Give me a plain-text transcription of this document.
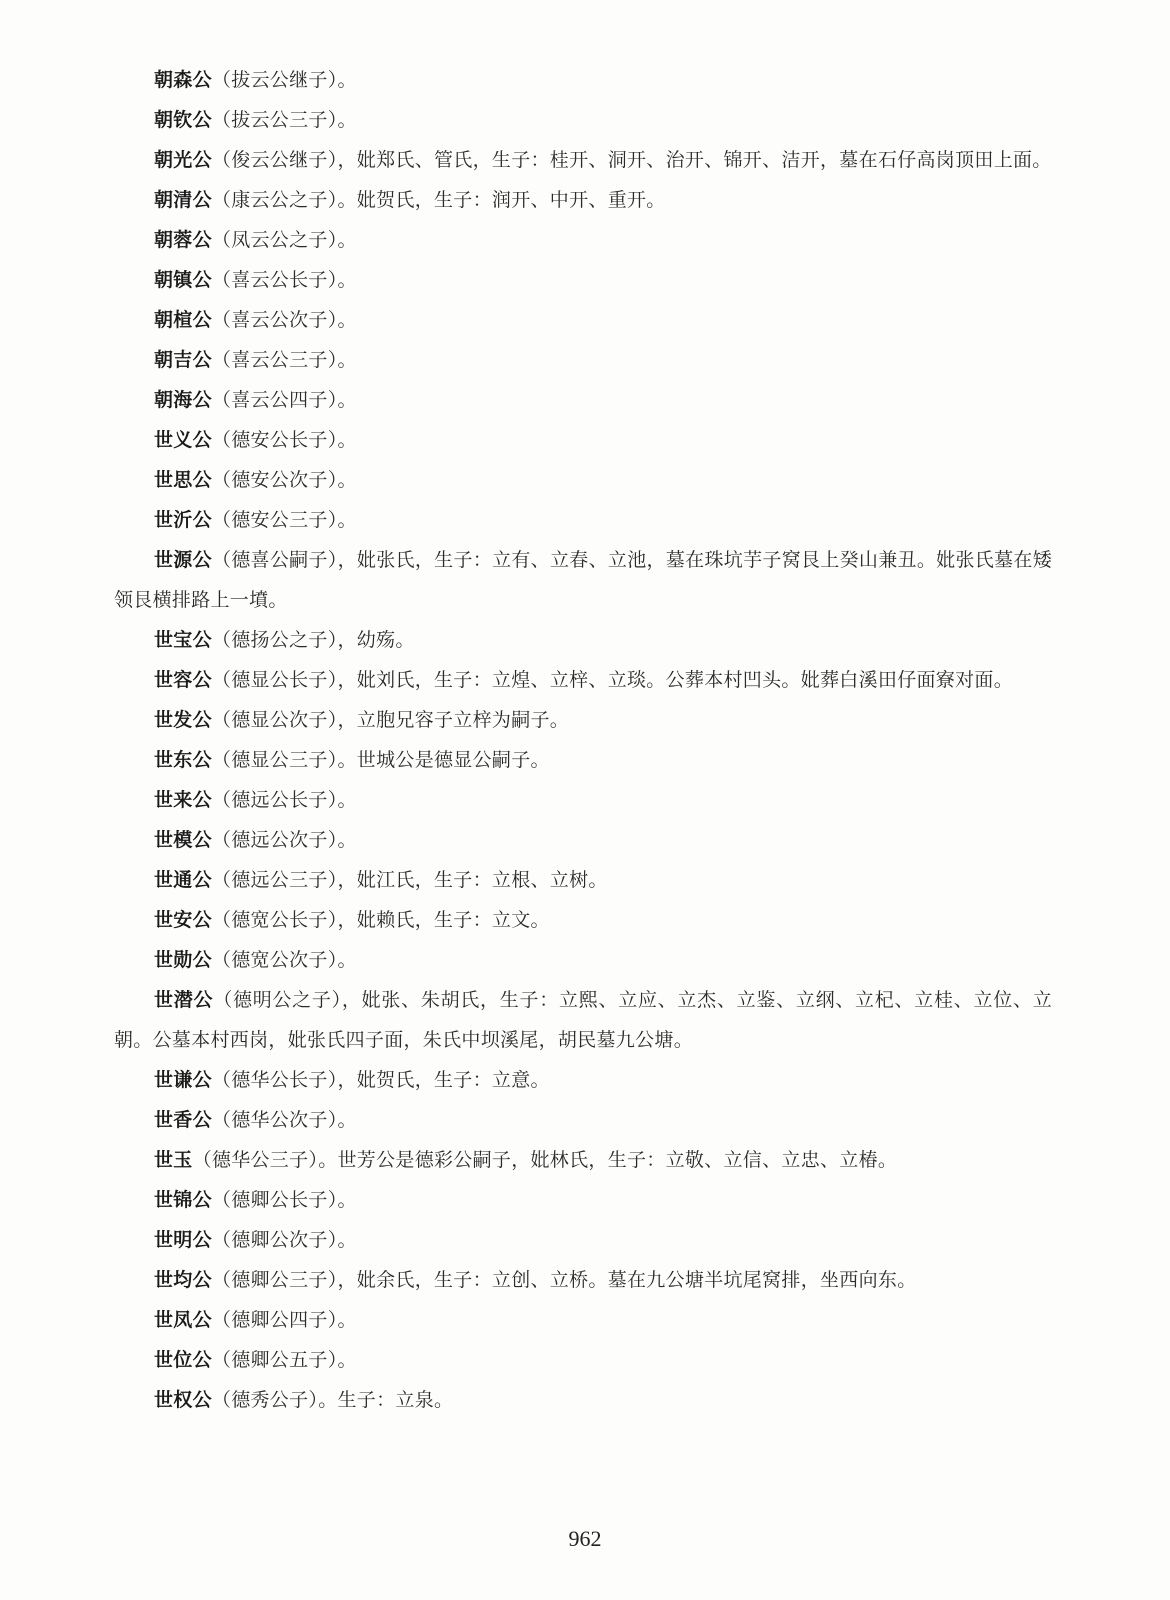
朝森公（拔云公继子）。

朝钦公（拔云公三子）。

朝光公（俊云公继子），妣郑氏、管氏，生子：桂开、洞开、治开、锦开、洁开，墓在石仔高岗顶田上面。

朝清公（康云公之子）。妣贺氏，生子：润开、中开、重开。

朝蓉公（凤云公之子）。

朝镇公（喜云公长子）。

朝楦公（喜云公次子）。

朝吉公（喜云公三子）。

朝海公（喜云公四子）。

世义公（德安公长子）。

世思公（德安公次子）。

世沂公（德安公三子）。

世源公（德喜公嗣子），妣张氏，生子：立有、立春、立池，墓在珠坑芋子窝艮上癸山兼丑。妣张氏墓在矮领艮横排路上一墳。

世宝公（德扬公之子），幼殇。

世容公（德显公长子），妣刘氏，生子：立煌、立梓、立琰。公葬本村凹头。妣葬白溪田仔面寮对面。

世发公（德显公次子），立胞兄容子立梓为嗣子。

世东公（德显公三子）。世城公是德显公嗣子。

世来公（德远公长子）。

世模公（德远公次子）。

世通公（德远公三子），妣江氏，生子：立根、立树。

世安公（德宽公长子），妣赖氏，生子：立文。

世勋公（德宽公次子）。

世潜公（德明公之子），妣张、朱胡氏，生子：立熙、立应、立杰、立鉴、立纲、立杞、立桂、立位、立朝。公墓本村西岗，妣张氏四子面，朱氏中坝溪尾，胡民墓九公塘。

世谦公（德华公长子），妣贺氏，生子：立意。

世香公（德华公次子）。

世玉（德华公三子）。世芳公是德彩公嗣子，妣林氏，生子：立敬、立信、立忠、立椿。

世锦公（德卿公长子）。

世明公（德卿公次子）。

世均公（德卿公三子），妣余氏，生子：立创、立桥。墓在九公塘半坑尾窝排，坐西向东。

世凤公（德卿公四子）。

世位公（德卿公五子）。

世权公（德秀公子）。生子：立泉。

962
